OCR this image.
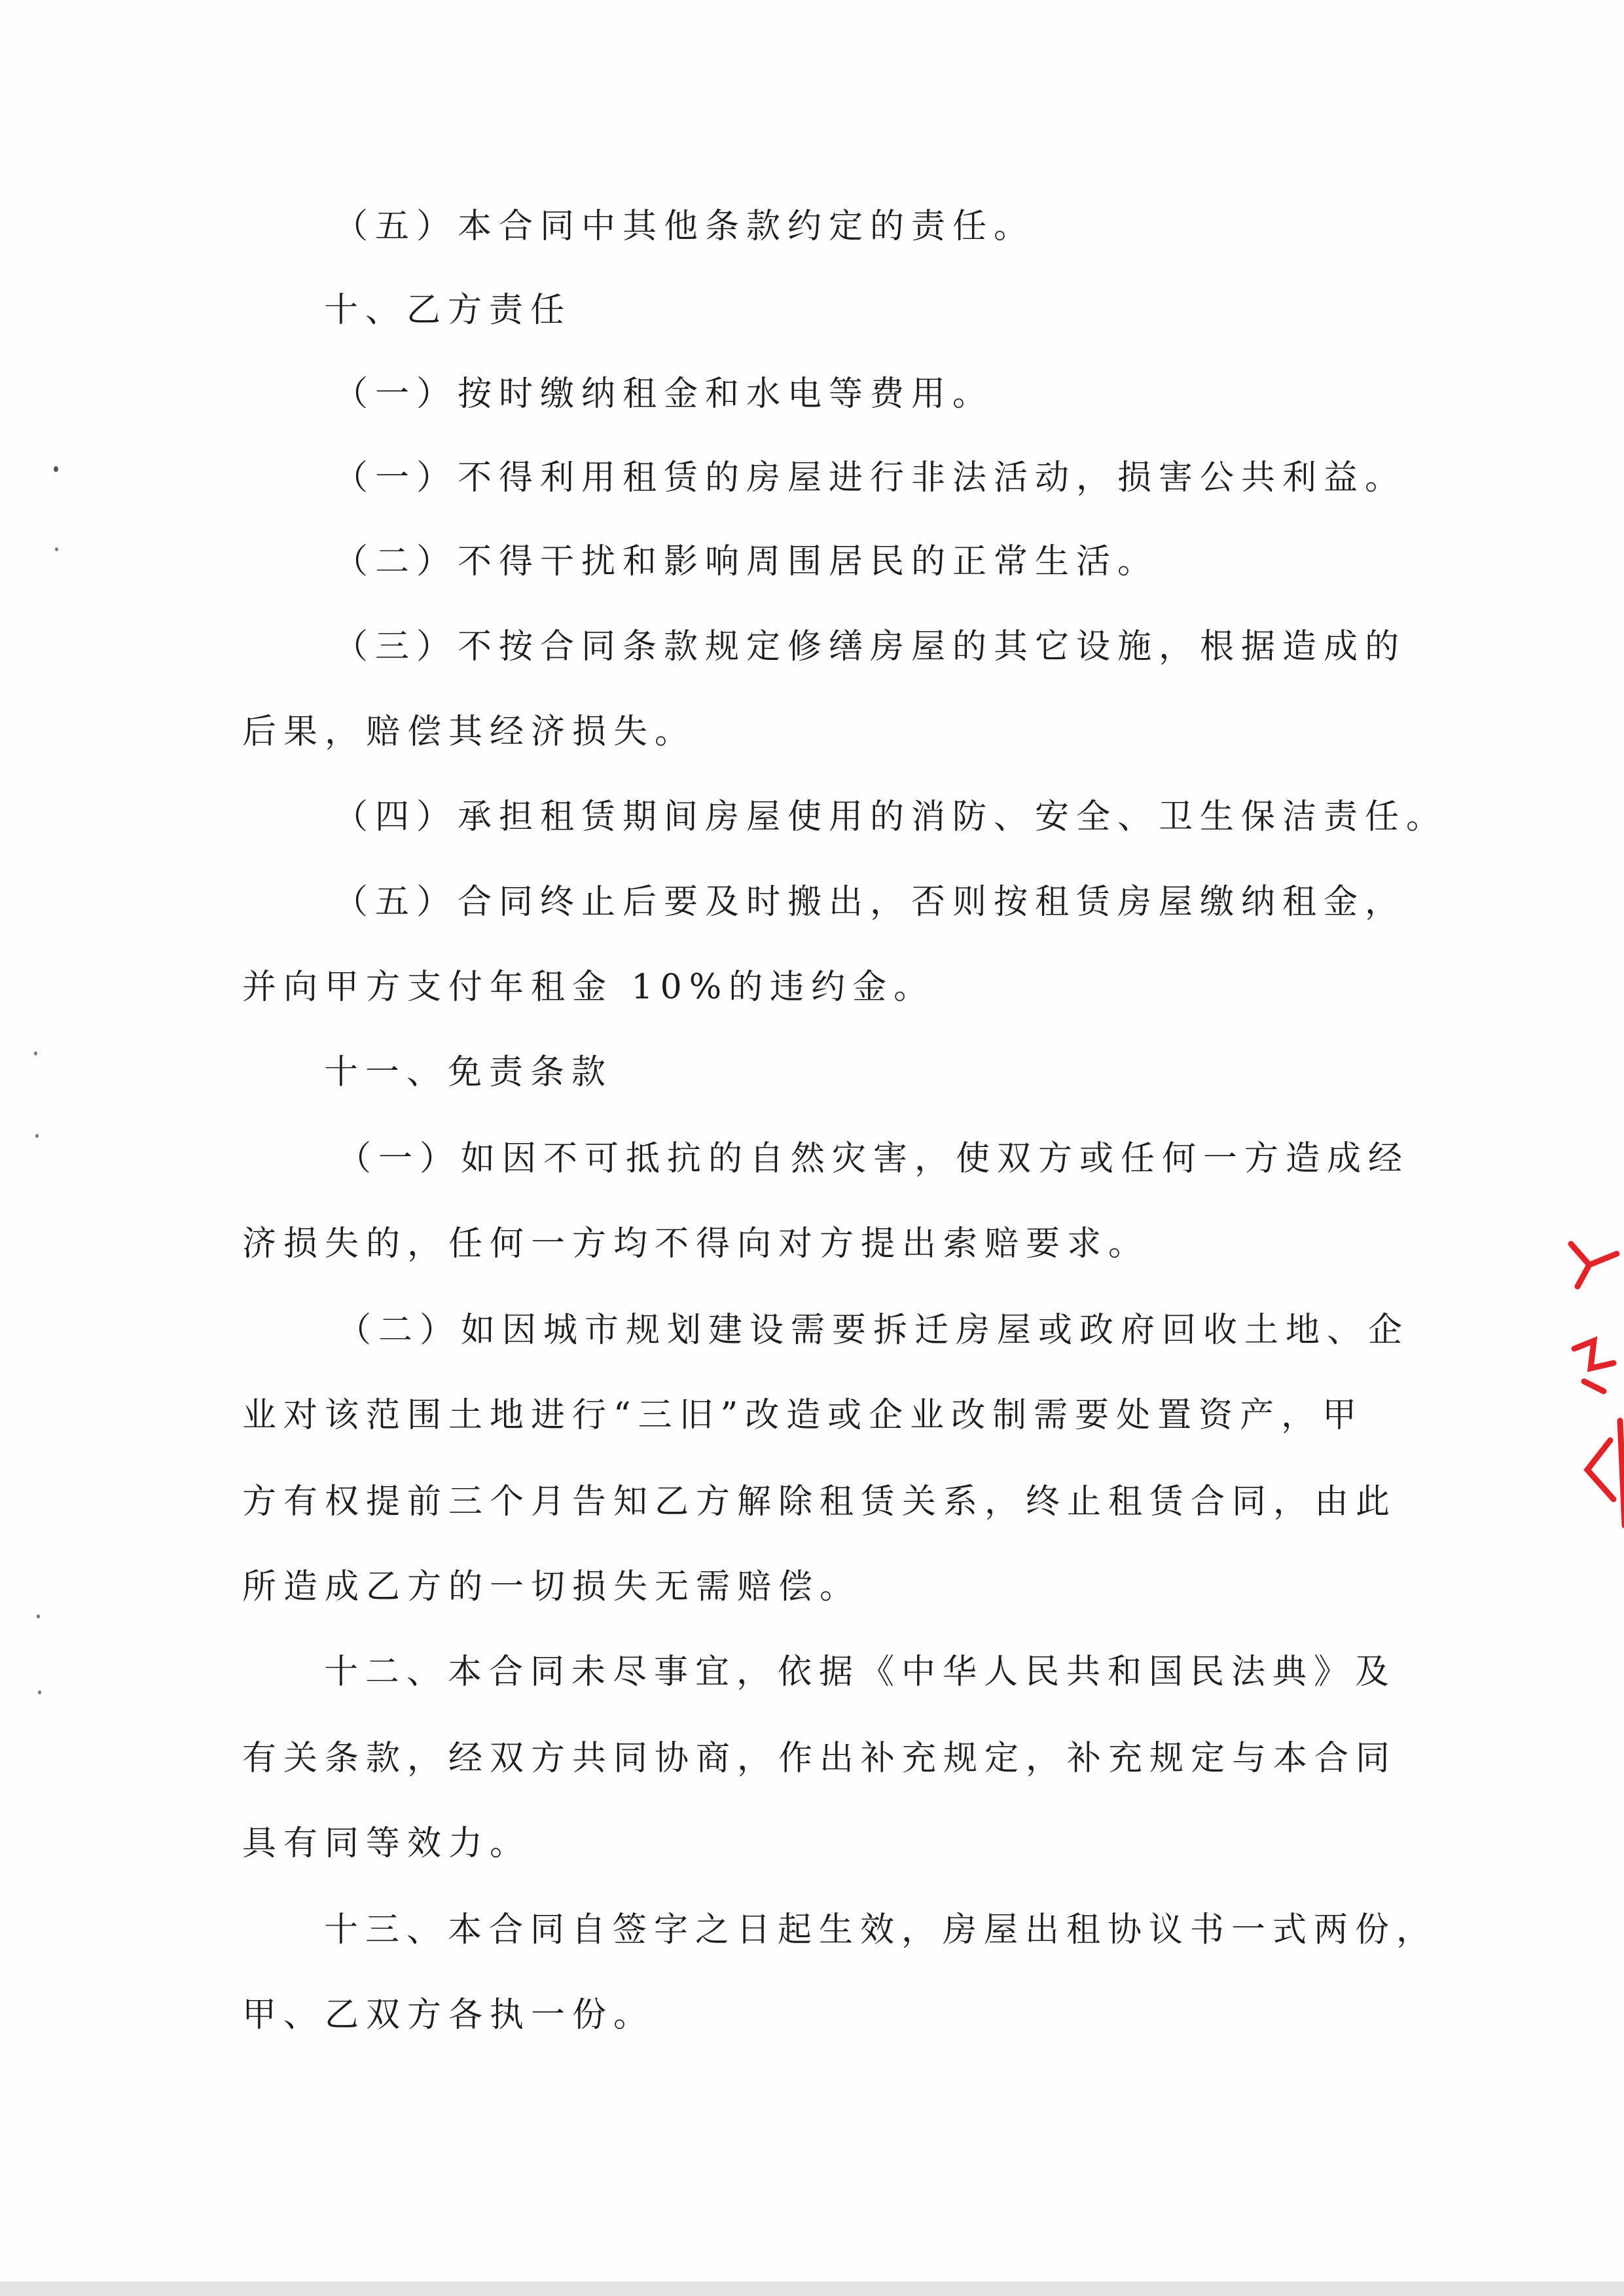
（五）本合同中其他条款约定的责任。
十、乙方责任
（一）按时缴纳租金和水电等费用。
（一）不得利用租赁的房屋进行非法活动，损害公共利益。
（二）不得干扰和影响周围居民的正常生活。
（三）不按合同条款规定修缮房屋的其它设施，根据造成的
后果，赔偿其经济损失。
（四）承担租赁期间房屋使用的消防、安全、卫生保洁责任。
（五）合同终止后要及时搬出，否则按租赁房屋缴纳租金，
并向甲方支付年租金 10%的违约金。
十一、免责条款
（一）如因不可抵抗的自然灾害，使双方或任何一方造成经
济损失的，任何一方均不得向对方提出索赔要求。
（二）如因城市规划建设需要拆迁房屋或政府回收土地、企
业对该范围土地进行“三旧”改造或企业改制需要处置资产，甲
方有权提前三个月告知乙方解除租赁关系，终止租赁合同，由此
所造成乙方的一切损失无需赔偿。
十二、本合同未尽事宜，依据《中华人民共和国民法典》及
有关条款，经双方共同协商，作出补充规定，补充规定与本合同
具有同等效力。
十三、本合同自签字之日起生效，房屋出租协议书一式两份，
甲、乙双方各执一份。
